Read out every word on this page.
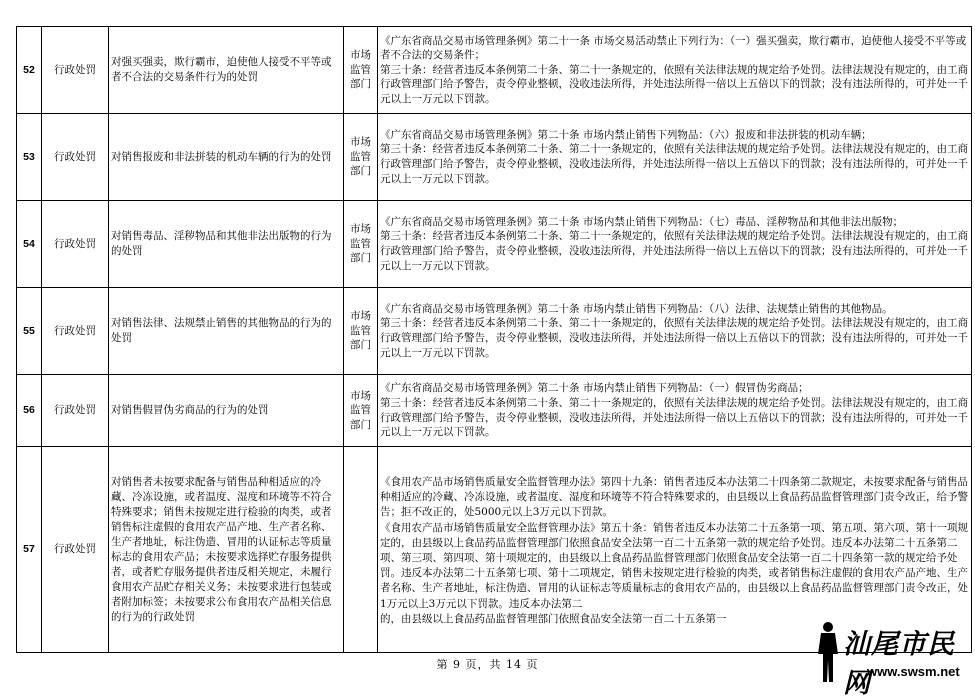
52	行政处罚	对强买强卖，欺行霸市，迫使他人接受不平等或者不合法的交易条件行为的处罚	市场
监管
部门	《广东省商品交易市场管理条例》第二十一条 市场交易活动禁止下列行为：（一）强买强卖，欺行霸市，迫使他人接受不平等或者不合法的交易条件；
第三十条：经营者违反本条例第二十条、第二十一条规定的，依照有关法律法规的规定给予处罚。法律法规没有规定的，由工商行政管理部门给予警告，责令停业整顿，没收违法所得，并处违法所得一倍以上五倍以下的罚款；没有违法所得的，可并处一千元以上一万元以下罚款。

53	行政处罚	对销售报废和非法拼装的机动车辆的行为的处罚	市场
监管
部门	《广东省商品交易市场管理条例》第二十条 市场内禁止销售下列物品：（六）报废和非法拼装的机动车辆；
第三十条：经营者违反本条例第二十条、第二十一条规定的，依照有关法律法规的规定给予处罚。法律法规没有规定的，由工商行政管理部门给予警告，责令停业整顿，没收违法所得，并处违法所得一倍以上五倍以下的罚款；没有违法所得的，可并处一千元以上一万元以下罚款。

54	行政处罚	对销售毒品、淫秽物品和其他非法出版物的行为的处罚	市场
监管
部门	《广东省商品交易市场管理条例》第二十条 市场内禁止销售下列物品：（七）毒品、淫秽物品和其他非法出版物；
第三十条：经营者违反本条例第二十条、第二十一条规定的，依照有关法律法规的规定给予处罚。法律法规没有规定的，由工商行政管理部门给予警告，责令停业整顿，没收违法所得，并处违法所得一倍以上五倍以下的罚款；没有违法所得的，可并处一千元以上一万元以下罚款。

55	行政处罚	对销售法律、法规禁止销售的其他物品的行为的处罚	市场
监管
部门	《广东省商品交易市场管理条例》第二十条 市场内禁止销售下列物品：（八）法律、法规禁止销售的其他物品。
第三十条：经营者违反本条例第二十条、第二十一条规定的，依照有关法律法规的规定给予处罚。法律法规没有规定的，由工商行政管理部门给予警告，责令停业整顿，没收违法所得，并处违法所得一倍以上五倍以下的罚款；没有违法所得的，可并处一千元以上一万元以下罚款。

56	行政处罚	对销售假冒伪劣商品的行为的处罚	市场
监管
部门	《广东省商品交易市场管理条例》第二十条 市场内禁止销售下列物品：（一）假冒伪劣商品；
第三十条：经营者违反本条例第二十条、第二十一条规定的，依照有关法律法规的规定给予处罚。法律法规没有规定的，由工商行政管理部门给予警告，责令停业整顿，没收违法所得，并处违法所得一倍以上五倍以下的罚款；没有违法所得的，可并处一千元以上一万元以下罚款。

57	行政处罚	对销售者未按要求配备与销售品种相适应的冷藏、冷冻设施，或者温度、湿度和环境等不符合特殊要求；销售未按规定进行检验的肉类，或者销售标注虚假的食用农产品产地、生产者名称、生产者地址，标注伪造、冒用的认证标志等质量标志的食用农产品；未按要求选择贮存服务提供者，或者贮存服务提供者违反相关规定，未履行食用农产品贮存相关义务；未按要求进行包装或者附加标签；未按要求公布食用农产品相关信息的行为的行政处罚		《食用农产品市场销售质量安全监督管理办法》第四十九条：销售者违反本办法第二十四条第二款规定，未按要求配备与销售品种相适应的冷藏、冷冻设施，或者温度、湿度和环境等不符合特殊要求的，由县级以上食品药品监督管理部门责令改正，给予警告；拒不改正的，处5000元以上3万元以下罚款。
《食用农产品市场销售质量安全监督管理办法》第五十条：销售者违反本办法第二十五条第一项、第五项、第六项、第十一项规定的，由县级以上食品药品监督管理部门依照食品安全法第一百二十五条第一款的规定给予处罚。违反本办法第二十五条第二项、第三项、第四项、第十项规定的，由县级以上食品药品监督管理部门依照食品安全法第一百二十四条第一款的规定给予处罚。违反本办法第二十五条第七项、第十二项规定，销售未按规定进行检验的肉类，或者销售标注虚假的食用农产品产地、生产者名称、生产者地址，标注伪造、冒用的认证标志等质量标志的食用农产品的，由县级以上食品药品监督管理部门责令改正，处1万元以上3万元以下罚款。违反本办法第二
的，由县级以上食品药品监督管理部门依照食品安全法第一百二十五条第一
第 9 页，共 14 页
汕尾市民网
www.swsm.net
